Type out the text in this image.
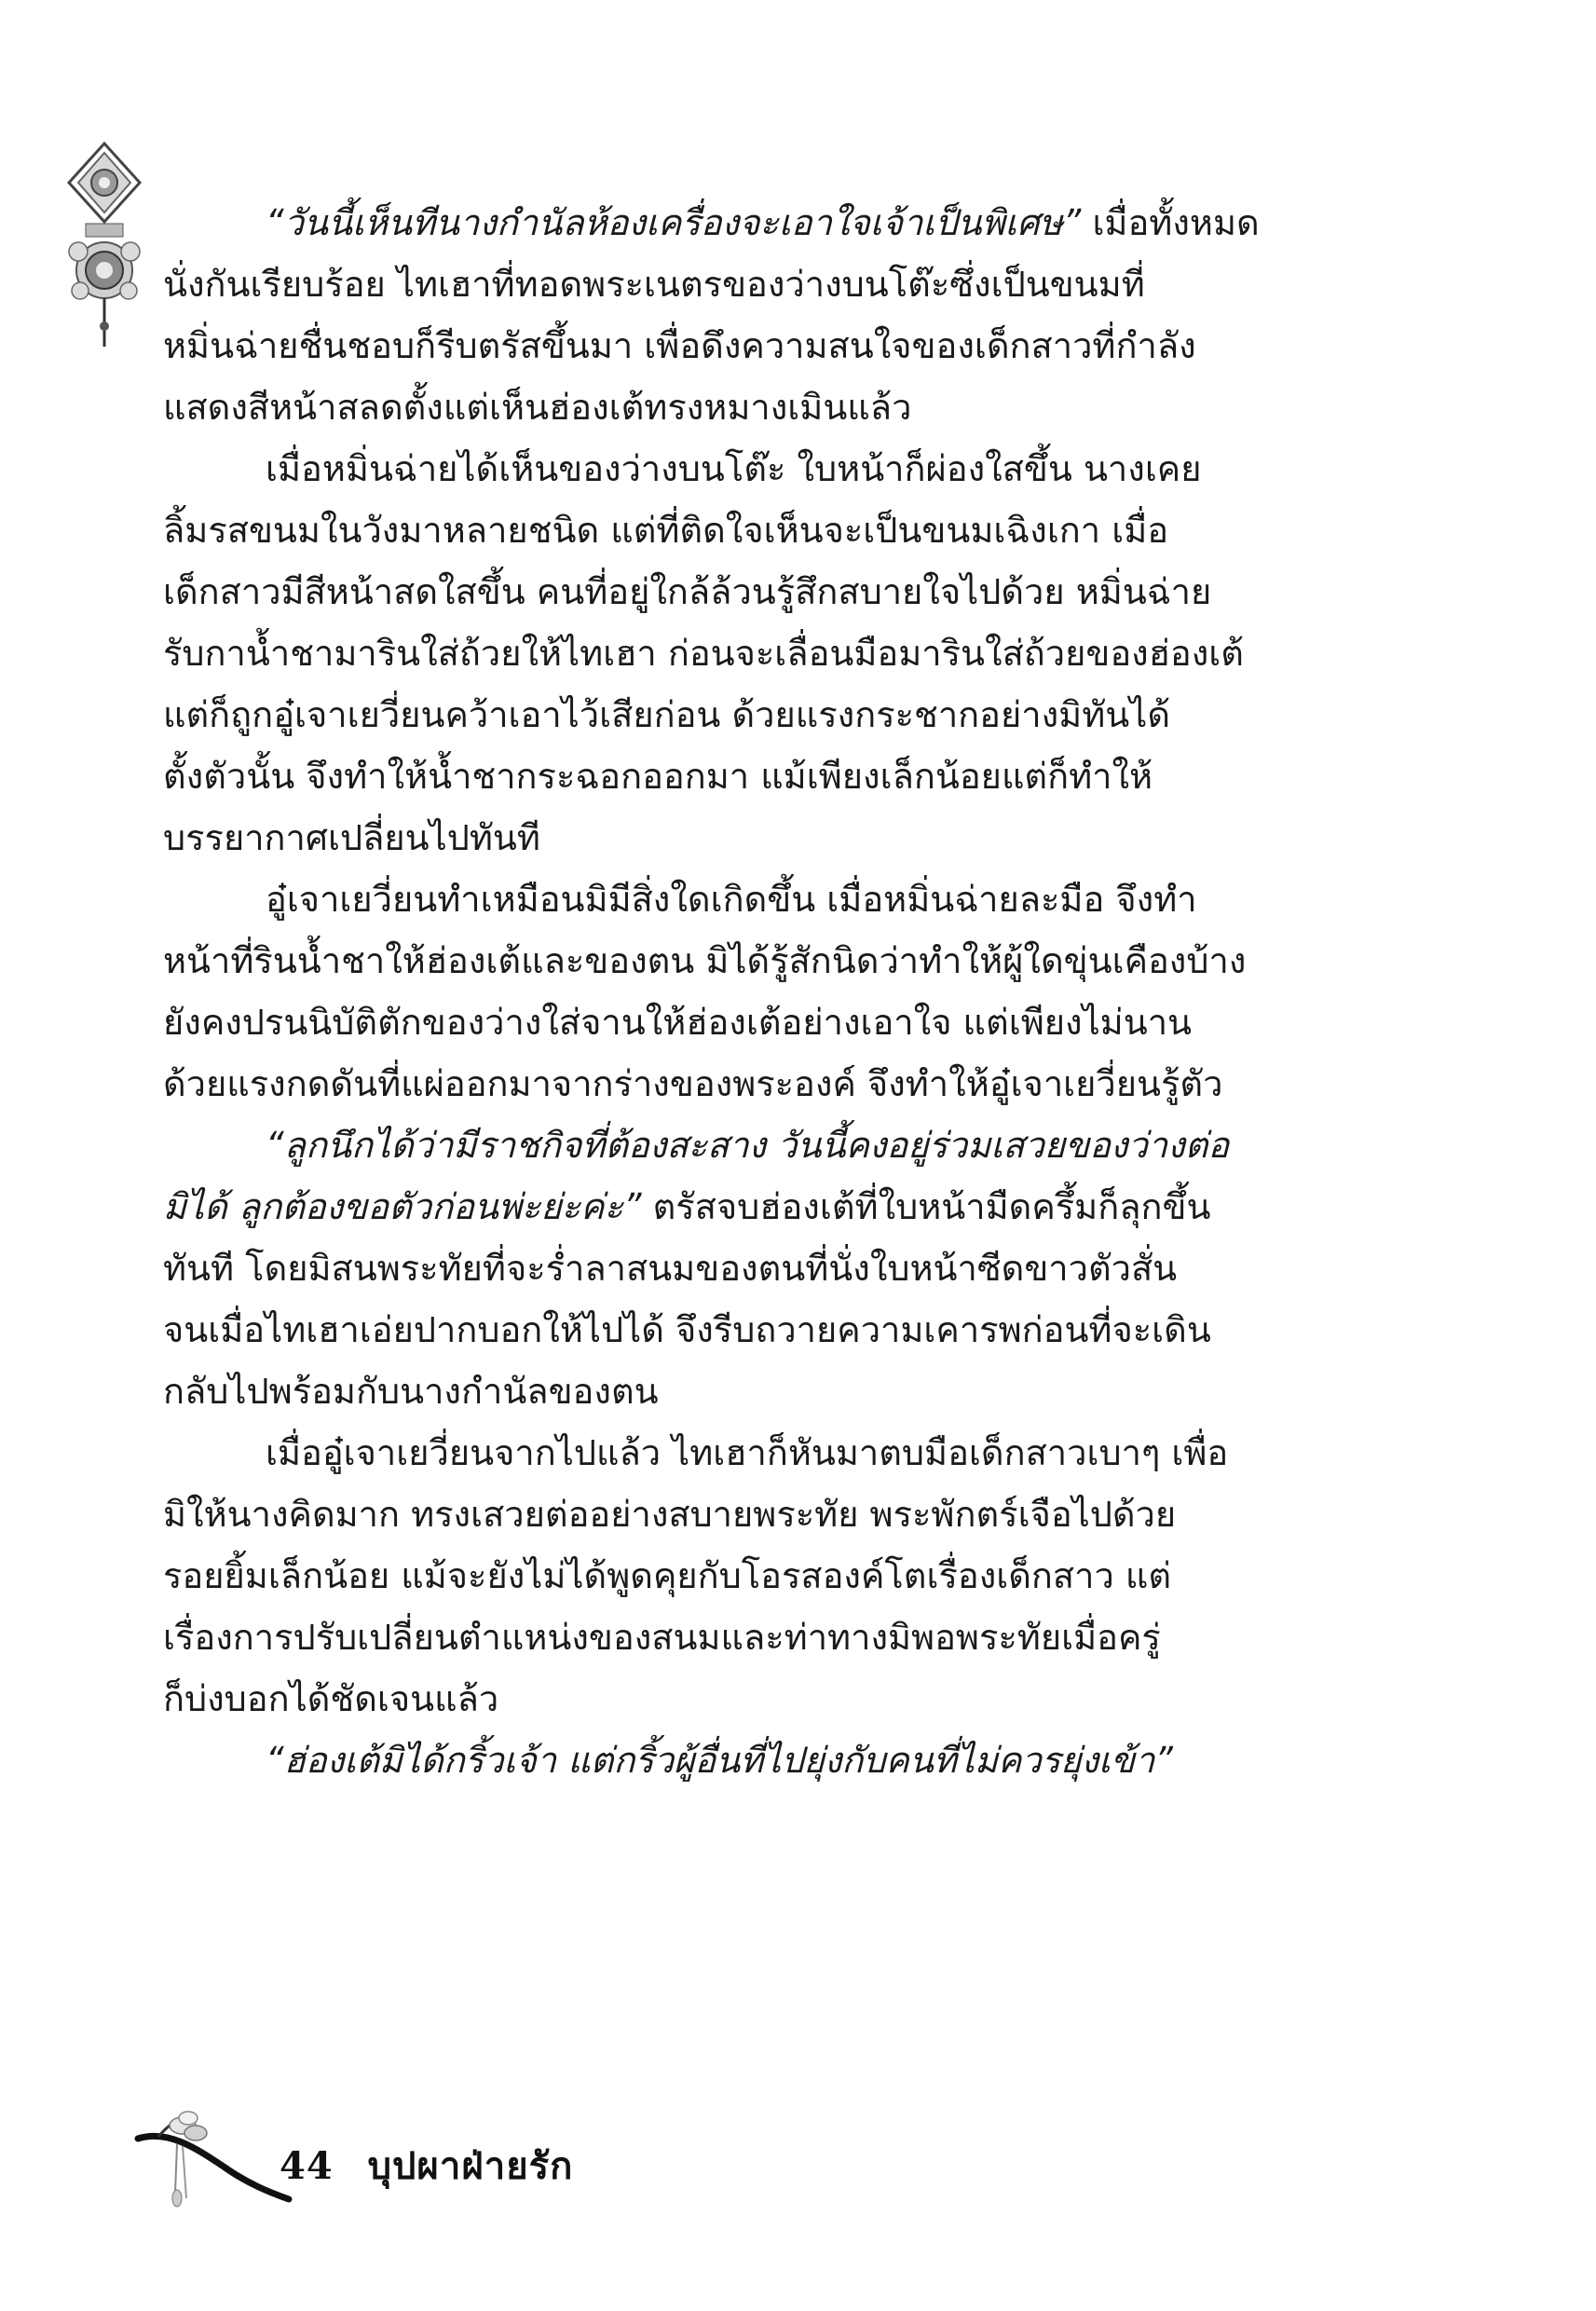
“วันนี้เห็นทีนางกำนัลห้องเครื่องจะเอาใจเจ้าเป็นพิเศษ” เมื่อทั้งหมด
นั่งกันเรียบร้อย ไทเฮาที่ทอดพระเนตรของว่างบนโต๊ะซึ่งเป็นขนมที่
หมิ่นฉ่ายชื่นชอบก็รีบตรัสขึ้นมา เพื่อดึงความสนใจของเด็กสาวที่กำลัง
แสดงสีหน้าสลดตั้งแต่เห็นฮ่องเต้ทรงหมางเมินแล้ว
เมื่อหมิ่นฉ่ายได้เห็นของว่างบนโต๊ะ ใบหน้าก็ผ่องใสขึ้น นางเคย
ลิ้มรสขนมในวังมาหลายชนิด แต่ที่ติดใจเห็นจะเป็นขนมเฉิงเกา เมื่อ
เด็กสาวมีสีหน้าสดใสขึ้น คนที่อยู่ใกล้ล้วนรู้สึกสบายใจไปด้วย หมิ่นฉ่าย
รับกาน้ำชามารินใส่ถ้วยให้ไทเฮา ก่อนจะเลื่อนมือมารินใส่ถ้วยของฮ่องเต้
แต่ก็ถูกอู๋เจาเยวี่ยนคว้าเอาไว้เสียก่อน ด้วยแรงกระชากอย่างมิทันได้
ตั้งตัวนั้น จึงทำให้น้ำชากระฉอกออกมา แม้เพียงเล็กน้อยแต่ก็ทำให้
บรรยากาศเปลี่ยนไปทันที
อู๋เจาเยวี่ยนทำเหมือนมิมีสิ่งใดเกิดขึ้น เมื่อหมิ่นฉ่ายละมือ จึงทำ
หน้าที่รินน้ำชาให้ฮ่องเต้และของตน มิได้รู้สักนิดว่าทำให้ผู้ใดขุ่นเคืองบ้าง
ยังคงปรนนิบัติตักของว่างใส่จานให้ฮ่องเต้อย่างเอาใจ แต่เพียงไม่นาน
ด้วยแรงกดดันที่แผ่ออกมาจากร่างของพระองค์ จึงทำให้อู๋เจาเยวี่ยนรู้ตัว
“ลูกนึกได้ว่ามีราชกิจที่ต้องสะสาง วันนี้คงอยู่ร่วมเสวยของว่างต่อ
มิได้ ลูกต้องขอตัวก่อนพ่ะย่ะค่ะ” ตรัสจบฮ่องเต้ที่ใบหน้ามืดครึ้มก็ลุกขึ้น
ทันที โดยมิสนพระทัยที่จะร่ำลาสนมของตนที่นั่งใบหน้าซีดขาวตัวสั่น
จนเมื่อไทเฮาเอ่ยปากบอกให้ไปได้ จึงรีบถวายความเคารพก่อนที่จะเดิน
กลับไปพร้อมกับนางกำนัลของตน
เมื่ออู๋เจาเยวี่ยนจากไปแล้ว ไทเฮาก็หันมาตบมือเด็กสาวเบาๆ เพื่อ
มิให้นางคิดมาก ทรงเสวยต่ออย่างสบายพระทัย พระพักตร์เจือไปด้วย
รอยยิ้มเล็กน้อย แม้จะยังไม่ได้พูดคุยกับโอรสองค์โตเรื่องเด็กสาว แต่
เรื่องการปรับเปลี่ยนตำแหน่งของสนมและท่าทางมิพอพระทัยเมื่อครู่
ก็บ่งบอกได้ชัดเจนแล้ว
“ฮ่องเต้มิได้กริ้วเจ้า แต่กริ้วผู้อื่นที่ไปยุ่งกับคนที่ไม่ควรยุ่งเข้า”
44 บุปผาฝ่ายรัก
